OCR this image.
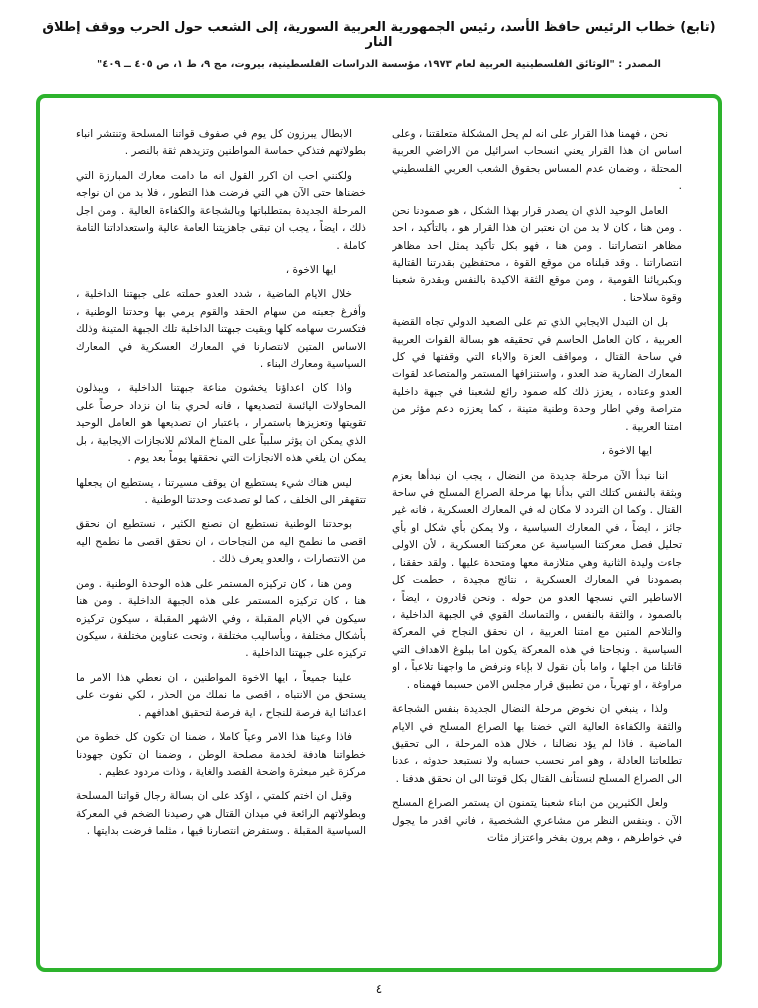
(تابع) خطاب الرئيس حافظ الأسد، رئيس الجمهورية العربية السورية، إلى الشعب حول الحرب ووقف إطلاق النار
المصدر : "الوثائق الفلسطينية العربية لعام ١٩٧٣، مؤسسة الدراسات الفلسطينية، بيروت، مج ٩، ط ١، ص ٤٠٥ ــ ٤٠٩"

نحن ، فهمنا هذا القرار على انه لم يحل المشكلة متعلقتنا ، وعلى اساس ان هذا القرار يعني انسحاب اسرائيل من الاراضي العربية المحتلة ، وضمان عدم المساس بحقوق الشعب العربي الفلسطيني .

العامل الوحيد الذي ان يصدر قرار بهذا الشكل ، هو صمودنا نحن . ومن هنا ، كان لا بد من ان نعتبر ان هذا القرار هو ، بالتأكيد ، احد مظاهر انتصاراتنا . ومن هنا ، فهو بكل تأكيد يمثل احد مظاهر انتصاراتنا . وقد قبلناه من موقع القوة ، محتفظين بقدرتنا القتالية وبكبريائنا القومية ، ومن موقع الثقة الاكيدة بالنفس وبقدرة شعبنا وقوة سلاحنا .

بل ان التبدل الايجابي الذي تم على الصعيد الدولي تجاه القضية العربية ، كان العامل الحاسم في تحقيقه هو بسالة القوات العربية في ساحة القتال ، ومواقف العزة والاباء التي وقفتها في كل المعارك الضارية ضد العدو ، واستنزافها المستمر والمتصاعد لقوات العدو وعتاده ، يعزز ذلك كله صمود رائع لشعبنا في جبهة داخلية متراصة وفي اطار وحدة وطنية متينة ، كما يعززه دعم مؤثر من امتنا العربية .

ايها الاخوة ،

اننا نبدأ الآن مرحلة جديدة من النضال ، يجب ان نبدأها بعزم وبثقة بالنفس كتلك التي بدأنا بها مرحلة الصراع المسلح في ساحة القتال . وكما ان التردد لا مكان له في المعارك العسكرية ، فانه غير جائز ، ايضاً ، في المعارك السياسية ، ولا يمكن بأي شكل او بأي تحليل فصل معركتنا السياسية عن معركتنا العسكرية ، لأن الاولى جاءت وليدة الثانية وهي متلازمة معها ومتحدة عليها . ولقد حققنا ، بصمودنا في المعارك العسكرية ، نتائج مجيدة ، حطمت كل الاساطير التي نسجها العدو من حوله . ونحن قادرون ، ايضاً ، بالصمود ، والثقة بالنفس ، والتماسك القوي في الجبهة الداخلية ، والتلاحم المتين مع امتنا العربية ، ان نحقق النجاح في المعركة السياسية . ونجاحنا في هذه المعركة يكون اما ببلوغ الاهداف التي قاتلنا من اجلها ، واما بأن نقول لا بإباء ونرفض ما واجهنا تلاعباً ، او مراوغة ، او تهرباً ، من تطبيق قرار مجلس الامن حسبما فهمناه .

ولذا ، ينبغي ان نخوض مرحلة النضال الجديدة بنفس الشجاعة والثقة والكفاءة العالية التي خضنا بها الصراع المسلح في الايام الماضية . فاذا لم يؤد نضالنا ، خلال هذه المرحلة ، الى تحقيق تطلعاتنا العادلة ، وهو امر نحسب حسابه ولا نستبعد حدوثه ، عدنا الى الصراع المسلح لنستأنف القتال بكل قوتنا الى ان نحقق هدفنا .

ولعل الكثيرين من ابناء شعبنا يتمنون ان يستمر الصراع المسلح الآن . وبنفس النظر من مشاعري الشخصية ، فاني اقدر ما يجول في خواطرهم ، وهم يرون بفخر واعتزاز مئات

الابطال يبرزون كل يوم في صفوف قواتنا المسلحة وتنتشر انباء بطولاتهم فتذكي حماسة المواطنين وتزيدهم ثقة بالنصر .

ولكنني احب ان اكرر القول انه ما دامت معارك المبارزة التي خضناها حتى الآن هي التي فرضت هذا التطور ، فلا بد من ان نواجه المرحلة الجديدة بمتطلباتها وبالشجاعة والكفاءة العالية . ومن اجل ذلك ، ايضاً ، يجب ان تبقى جاهزيتنا العامة عالية واستعداداتنا التامة كاملة .

ايها الاخوة ،

خلال الايام الماضية ، شدد العدو حملته على جبهتنا الداخلية ، وأفرغ جعبته من سهام الحقد والقوم يرمي بها وحدتنا الوطنية ، فتكسرت سهامه كلها وبقيت جبهتنا الداخلية تلك الجبهة المتينة وذلك الاساس المتين لانتصارنا في المعارك العسكرية في المعارك السياسية ومعارك البناء .

واذا كان اعداؤنا يخشون مناعة جبهتنا الداخلية ، ويبذلون المحاولات اليائسة لتصديعها ، فانه لحري بنا ان نزداد حرصاً على تقويتها وتعزيزها باستمرار ، باعتبار ان تصديعها هو العامل الوحيد الذي يمكن ان يؤثر سلبياً على المناخ الملائم للانجازات الايجابية ، بل يمكن ان يلغي هذه الانجازات التي نحققها يوماً بعد يوم .

ليس هناك شيء يستطيع ان يوقف مسيرتنا ، يستطيع ان يجعلها تتقهقر الى الخلف ، كما لو تصدعت وحدتنا الوطنية .

بوحدتنا الوطنية نستطيع ان نصنع الكثير ، نستطيع ان نحقق اقصى ما نطمح اليه من النجاحات ، ان نحقق اقصى ما نطمح اليه من الانتصارات ، والعدو يعرف ذلك .

ومن هنا ، كان تركيزه المستمر على هذه الوحدة الوطنية . ومن هنا ، كان تركيزه المستمر على هذه الجبهة الداخلية . ومن هنا سيكون في الايام المقبلة ، وفي الاشهر المقبلة ، سيكون تركيزه بأشكال مختلفة ، وبأساليب مختلفة ، وتحت عناوين مختلفة ، سيكون تركيزه على جبهتنا الداخلية .

علينا جميعاً ، ايها الاخوة المواطنين ، ان نعطي هذا الامر ما يستحق من الانتباه ، اقصى ما نملك من الحذر ، لكي نفوت على اعدائنا اية فرصة للنجاح ، اية فرصة لتحقيق اهدافهم .

فاذا وعينا هذا الامر وعياً كاملا ، ضمنا ان تكون كل خطوة من خطواتنا هادفة لخدمة مصلحة الوطن ، وضمنا ان تكون جهودنا مركزة غير مبعثرة واضحة القصد والغاية ، وذات مردود عظيم .

وقبل ان اختم كلمتي ، اؤكد على ان بسالة رجال قواتنا المسلحة وبطولاتهم الرائعة في ميدان القتال هي رصيدنا الضخم في المعركة السياسية المقبلة . وستفرض انتصارنا فيها ، مثلما فرضت بدايتها .

٤
